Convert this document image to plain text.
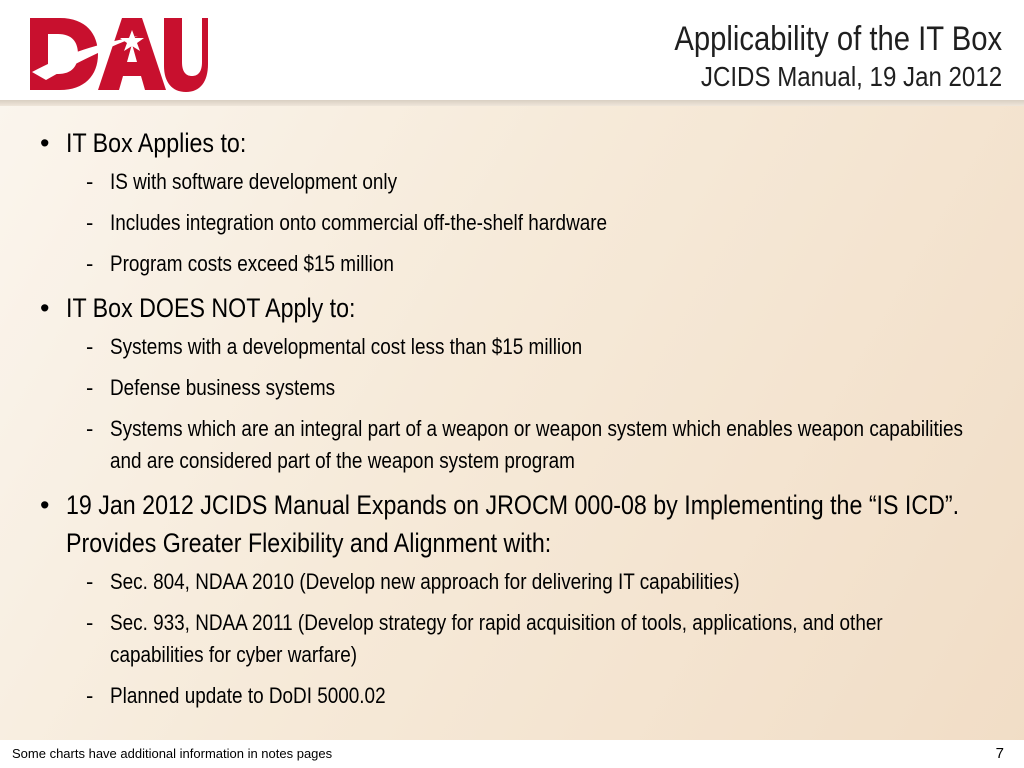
Applicability of the IT Box
JCIDS Manual, 19 Jan 2012
• IT Box Applies to:
- IS with software development only
- Includes integration onto commercial off-the-shelf hardware
- Program costs exceed $15 million
• IT Box DOES NOT Apply to:
- Systems with a developmental cost less than $15 million
- Defense business systems
- Systems which are an integral part of a weapon or weapon system which enables weapon capabilities and are considered part of the weapon system program
• 19 Jan 2012 JCIDS Manual Expands on JROCM 000-08 by Implementing the “IS ICD”. Provides Greater Flexibility and Alignment with:
- Sec. 804, NDAA 2010 (Develop new approach for delivering IT capabilities)
- Sec. 933, NDAA 2011 (Develop strategy for rapid acquisition of tools, applications, and other capabilities for cyber warfare)
- Planned update to DoDI 5000.02
Some charts have additional information in notes pages	7
